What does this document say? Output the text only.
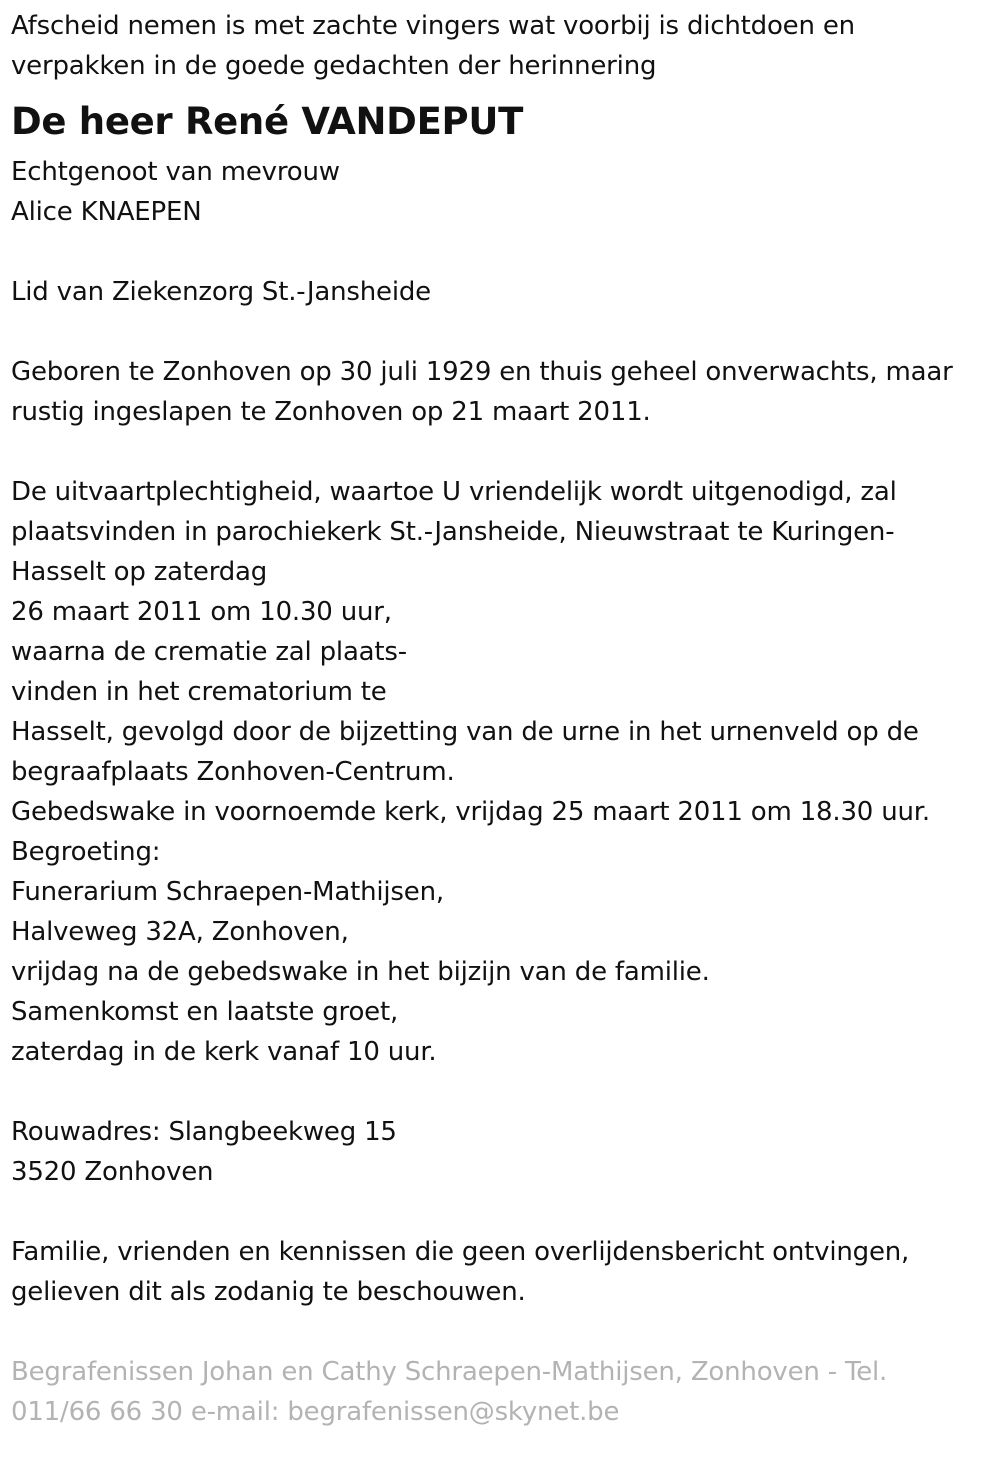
Afscheid nemen is met zachte vingers wat voorbij is dichtdoen en
verpakken in de goede gedachten der herinnering
De heer René VANDEPUT
Echtgenoot van mevrouw
Alice KNAEPEN
Lid van Ziekenzorg St.-Jansheide
Geboren te Zonhoven op 30 juli 1929 en thuis geheel onverwachts, maar
rustig ingeslapen te Zonhoven op 21 maart 2011.
De uitvaartplechtigheid, waartoe U vriendelijk wordt uitgenodigd, zal
plaatsvinden in parochiekerk St.-Jansheide, Nieuwstraat te Kuringen-
Hasselt op zaterdag
26 maart 2011 om 10.30 uur,
waarna de crematie zal plaats-
vinden in het crematorium te
Hasselt, gevolgd door de bijzetting van de urne in het urnenveld op de
begraafplaats Zonhoven-Centrum.
Gebedswake in voornoemde kerk, vrijdag 25 maart 2011 om 18.30 uur.
Begroeting:
Funerarium Schraepen-Mathijsen,
Halveweg 32A, Zonhoven,
vrijdag na de gebedswake in het bijzijn van de familie.
Samenkomst en laatste groet,
zaterdag in de kerk vanaf 10 uur.
Rouwadres: Slangbeekweg 15
3520 Zonhoven
Familie, vrienden en kennissen die geen overlijdensbericht ontvingen,
gelieven dit als zodanig te beschouwen.
Begrafenissen Johan en Cathy Schraepen-Mathijsen, Zonhoven - Tel.
011/66 66 30 e-mail: begrafenissen@skynet.be
